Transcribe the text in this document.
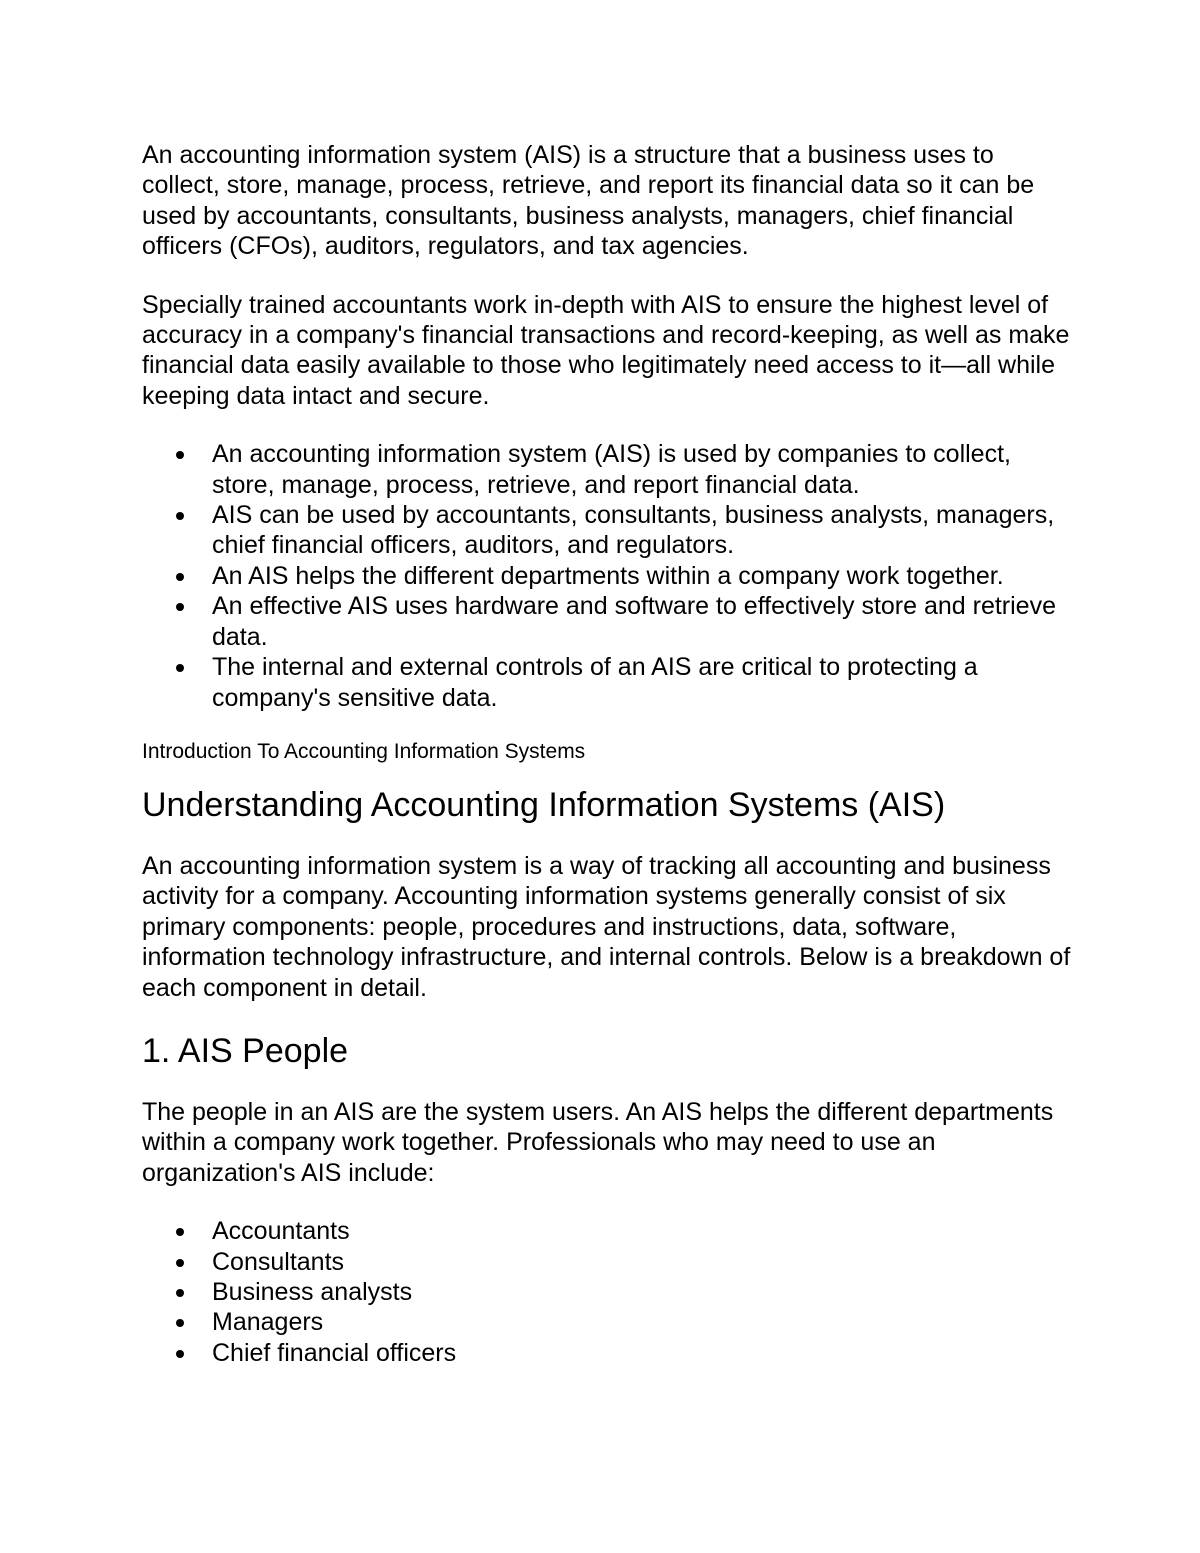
An accounting information system (AIS) is a structure that a business uses to collect, store, manage, process, retrieve, and report its financial data so it can be used by accountants, consultants, business analysts, managers, chief financial officers (CFOs), auditors, regulators, and tax agencies.

Specially trained accountants work in-depth with AIS to ensure the highest level of accuracy in a company's financial transactions and record-keeping, as well as make financial data easily available to those who legitimately need access to it—all while keeping data intact and secure.

An accounting information system (AIS) is used by companies to collect, store, manage, process, retrieve, and report financial data.
AIS can be used by accountants, consultants, business analysts, managers, chief financial officers, auditors, and regulators.
An AIS helps the different departments within a company work together.
An effective AIS uses hardware and software to effectively store and retrieve data.
The internal and external controls of an AIS are critical to protecting a company's sensitive data.

Introduction To Accounting Information Systems

Understanding Accounting Information Systems (AIS)

An accounting information system is a way of tracking all accounting and business activity for a company. Accounting information systems generally consist of six primary components: people, procedures and instructions, data, software, information technology infrastructure, and internal controls. Below is a breakdown of each component in detail.

1. AIS People

The people in an AIS are the system users. An AIS helps the different departments within a company work together. Professionals who may need to use an organization's AIS include:

Accountants
Consultants
Business analysts
Managers
Chief financial officers
